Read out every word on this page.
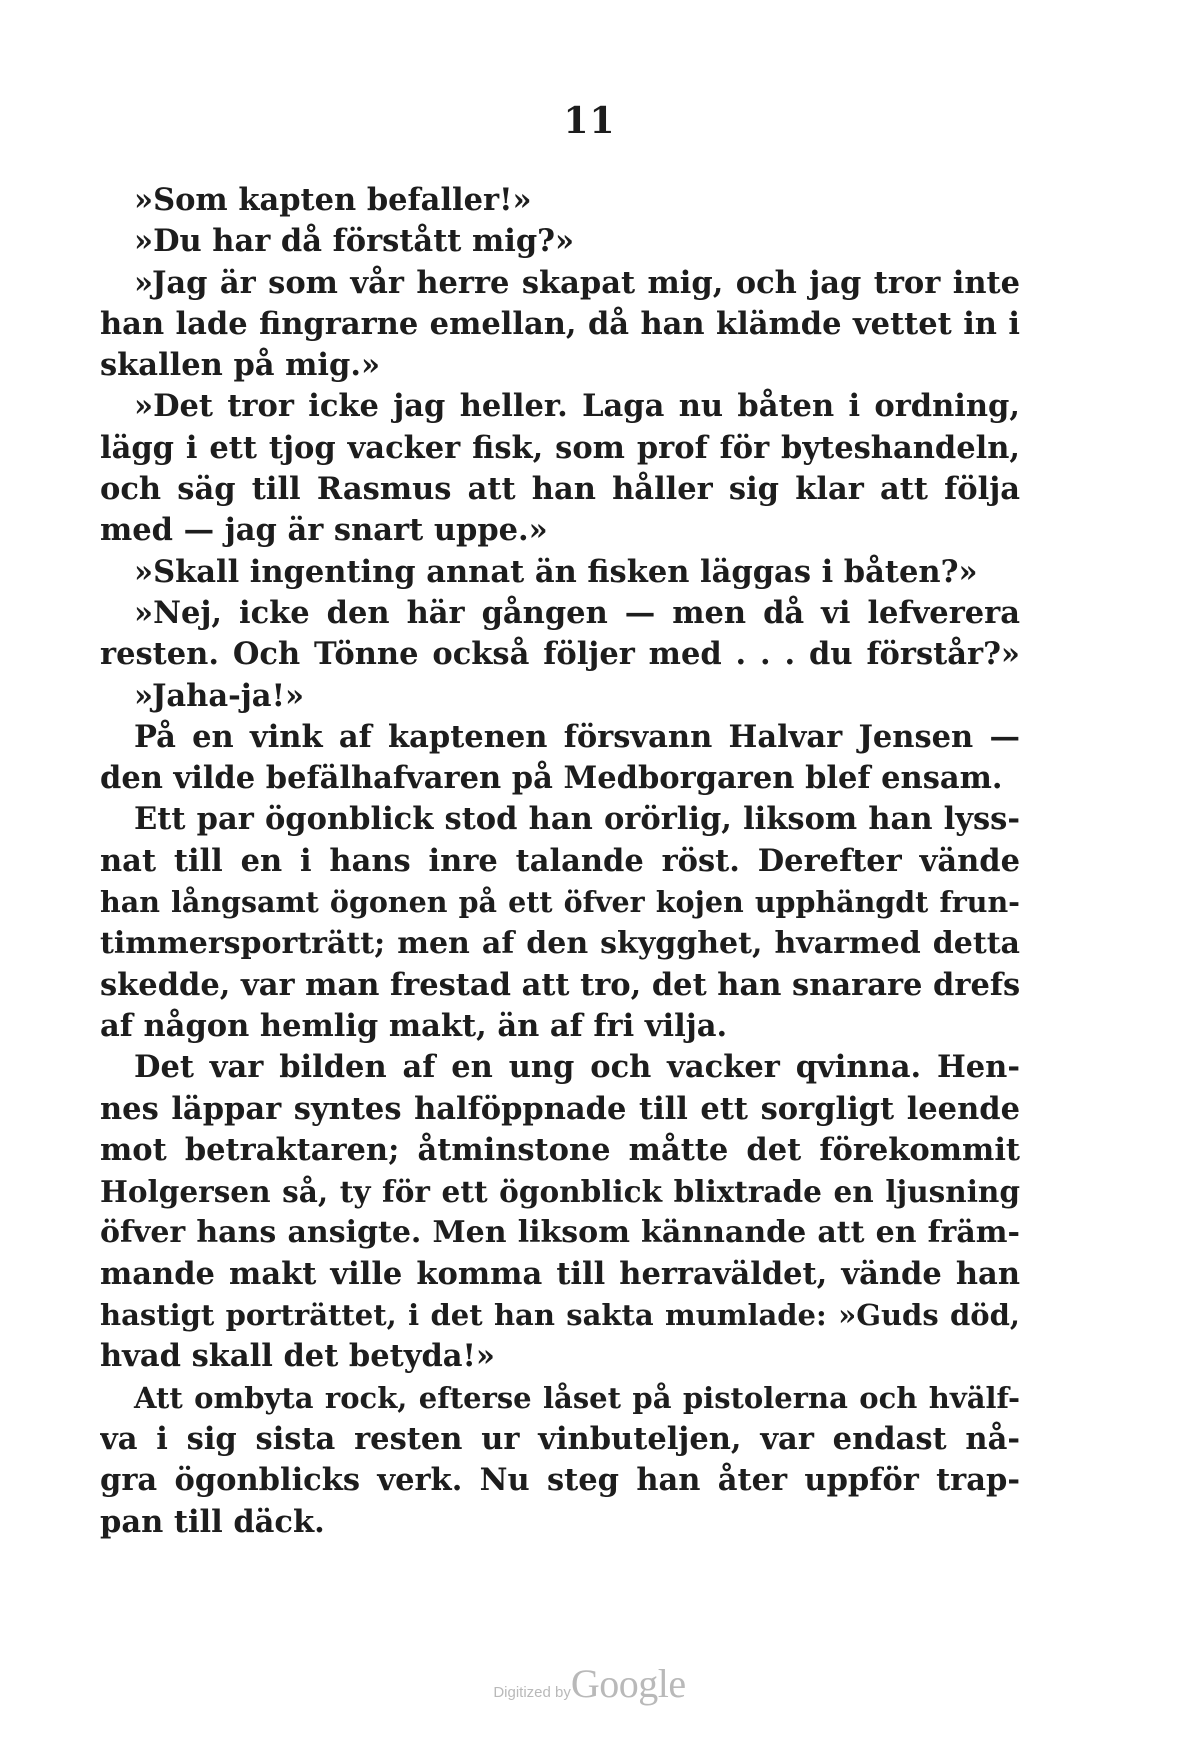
11
»Som kapten befaller!»
»Du har då förstått mig?»
»Jag är som vår herre skapat mig, och jag tror inte
han lade fingrarne emellan, då han klämde vettet in i
skallen på mig.»
»Det tror icke jag heller. Laga nu båten i ordning,
lägg i ett tjog vacker fisk, som prof för byteshandeln,
och säg till Rasmus att han håller sig klar att följa
med — jag är snart uppe.»
»Skall ingenting annat än fisken läggas i båten?»
»Nej, icke den här gången — men då vi lefverera
resten. Och Tönne också följer med . . . du förstår?»
»Jaha-ja!»
På en vink af kaptenen försvann Halvar Jensen —
den vilde befälhafvaren på Medborgaren blef ensam.
Ett par ögonblick stod han orörlig, liksom han lyss-
nat till en i hans inre talande röst. Derefter vände
han långsamt ögonen på ett öfver kojen upphängdt frun-
timmersporträtt; men af den skygghet, hvarmed detta
skedde, var man frestad att tro, det han snarare drefs
af någon hemlig makt, än af fri vilja.
Det var bilden af en ung och vacker qvinna. Hen-
nes läppar syntes halföppnade till ett sorgligt leende
mot betraktaren; åtminstone måtte det förekommit
Holgersen så, ty för ett ögonblick blixtrade en ljusning
öfver hans ansigte. Men liksom kännande att en främ-
mande makt ville komma till herraväldet, vände han
hastigt porträttet, i det han sakta mumlade: »Guds död,
hvad skall det betyda!»
Att ombyta rock, efterse låset på pistolerna och hvälf-
va i sig sista resten ur vinbuteljen, var endast nå-
gra ögonblicks verk. Nu steg han åter uppför trap-
pan till däck.
Digitized byGoogle
